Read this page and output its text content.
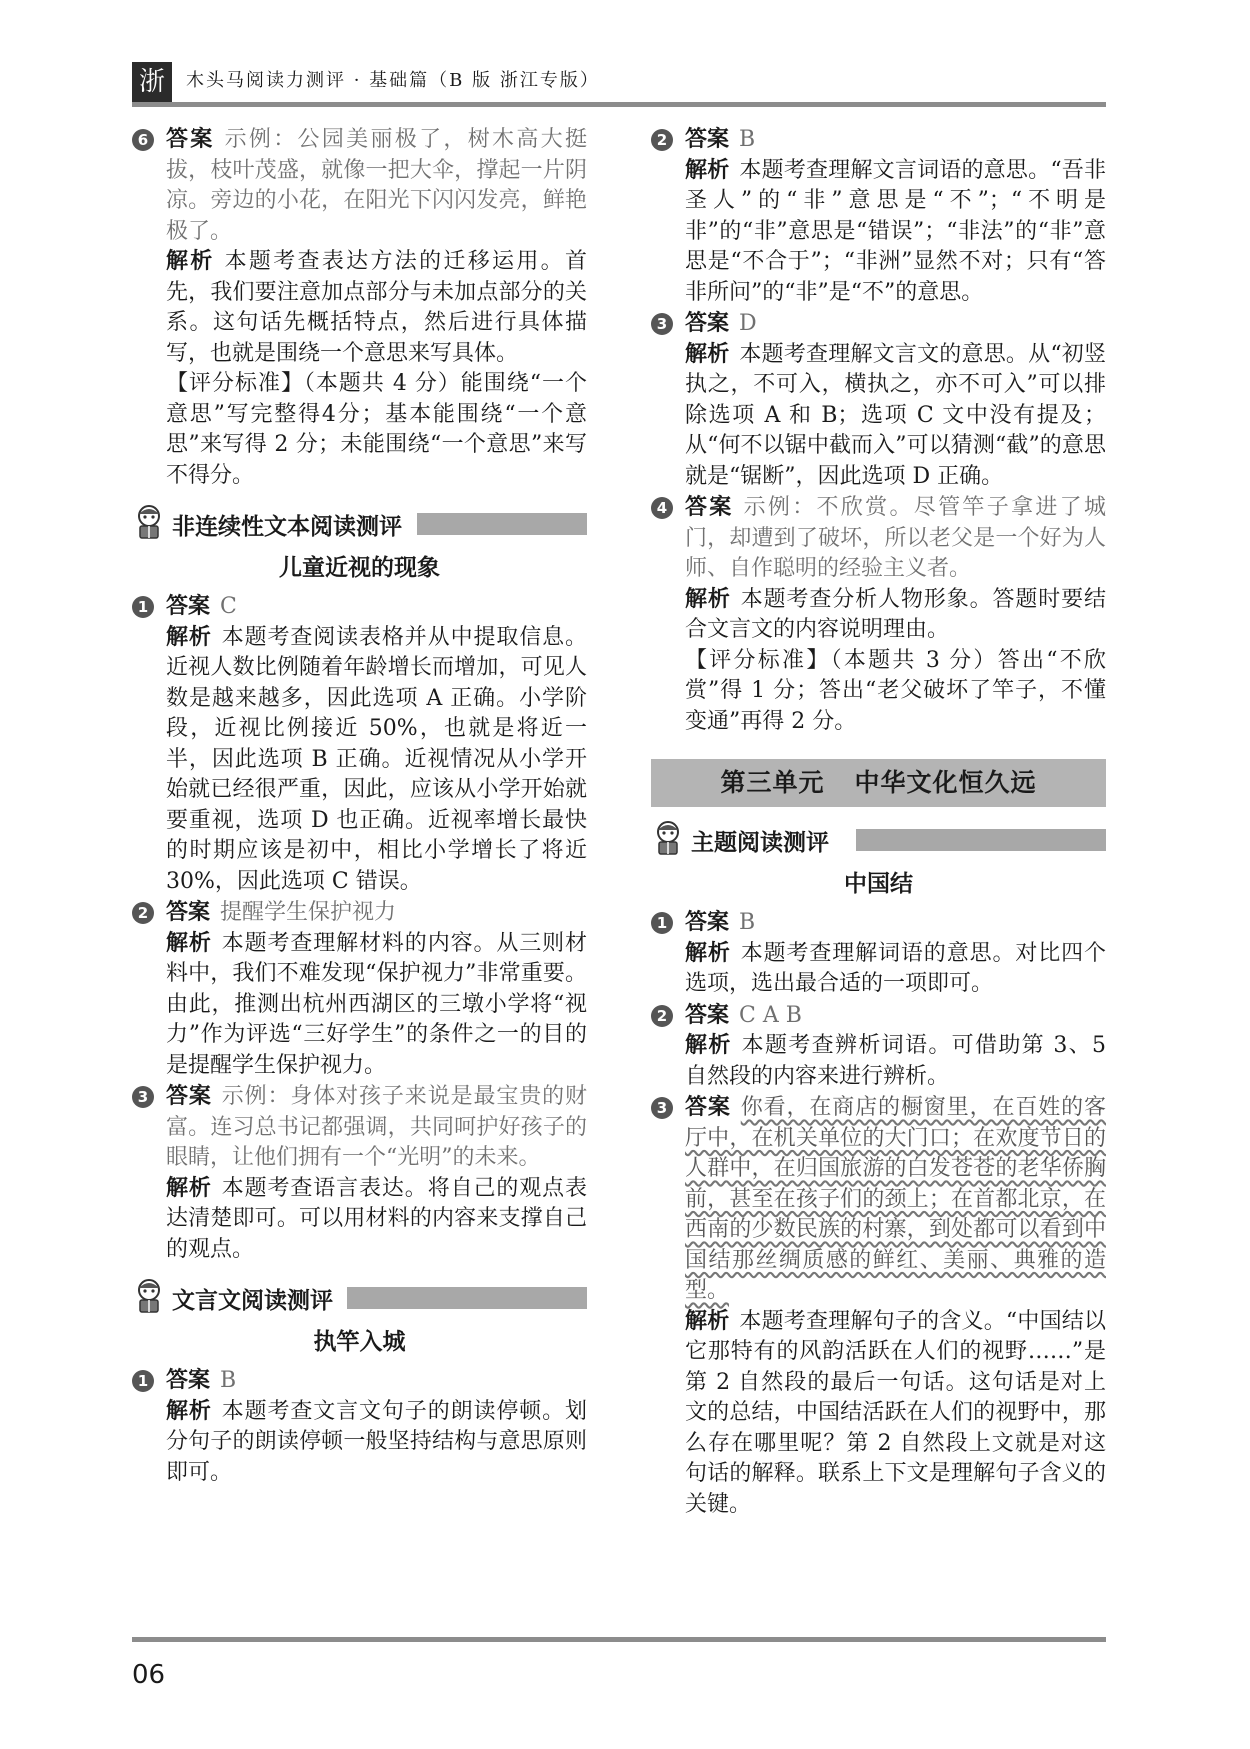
浙	木头马阅读力测评 · 基础篇（B 版 浙江专版）
6 答案 示例：公园美丽极了，树木高大挺拔，枝叶茂盛，就像一把大伞，撑起一片阴凉。旁边的小花，在阳光下闪闪发亮，鲜艳极了。
解析 本题考查表达方法的迁移运用。首先，我们要注意加点部分与未加点部分的关系。这句话先概括特点，然后进行具体描写，也就是围绕一个意思来写具体。
【评分标准】（本题共 4 分）能围绕“一个意思”写完整得4分；基本能围绕“一个意思”来写得 2 分；未能围绕“一个意思”来写不得分。
非连续性文本阅读测评
儿童近视的现象
1 答案 C
解析 本题考查阅读表格并从中提取信息。近视人数比例随着年龄增长而增加，可见人数是越来越多，因此选项 A 正确。小学阶段，近视比例接近 50%，也就是将近一半，因此选项 B 正确。近视情况从小学开始就已经很严重，因此，应该从小学开始就要重视，选项 D 也正确。近视率增长最快的时期应该是初中，相比小学增长了将近 30%，因此选项 C 错误。
2 答案 提醒学生保护视力
解析 本题考查理解材料的内容。从三则材料中，我们不难发现“保护视力”非常重要。由此，推测出杭州西湖区的三墩小学将“视力”作为评选“三好学生”的条件之一的目的是提醒学生保护视力。
3 答案 示例：身体对孩子来说是最宝贵的财富。连习总书记都强调，共同呵护好孩子的眼睛，让他们拥有一个“光明”的未来。
解析 本题考查语言表达。将自己的观点表达清楚即可。可以用材料的内容来支撑自己的观点。
文言文阅读测评
执竿入城
1 答案 B
解析 本题考查文言文句子的朗读停顿。划分句子的朗读停顿一般坚持结构与意思原则即可。
2 答案 B
解析 本题考查理解文言词语的意思。“吾非圣人”的“非”意思是“不”；“不明是非”的“非”意思是“错误”；“非法”的“非”意思是“不合于”；“非洲”显然不对；只有“答非所问”的“非”是“不”的意思。
3 答案 D
解析 本题考查理解文言文的意思。从“初竖执之，不可入，横执之，亦不可入”可以排除选项 A 和 B；选项 C 文中没有提及；从“何不以锯中截而入”可以猜测“截”的意思就是“锯断”，因此选项 D 正确。
4 答案 示例：不欣赏。尽管竿子拿进了城门，却遭到了破坏，所以老父是一个好为人师、自作聪明的经验主义者。
解析 本题考查分析人物形象。答题时要结合文言文的内容说明理由。
【评分标准】（本题共 3 分）答出“不欣赏”得 1 分；答出“老父破坏了竿子，不懂变通”再得 2 分。
第三单元 中华文化恒久远
主题阅读测评
中国结
1 答案 B
解析 本题考查理解词语的意思。对比四个选项，选出最合适的一项即可。
2 答案 C A B
解析 本题考查辨析词语。可借助第 3、5 自然段的内容来进行辨析。
3 答案 你看，在商店的橱窗里，在百姓的客厅中，在机关单位的大门口；在欢度节日的人群中，在归国旅游的白发苍苍的老华侨胸前，甚至在孩子们的颈上；在首都北京，在西南的少数民族的村寨，到处都可以看到中国结那丝绸质感的鲜红、美丽、典雅的造型。
解析 本题考查理解句子的含义。“中国结以它那特有的风韵活跃在人们的视野……”是第 2 自然段的最后一句话。这句话是对上文的总结，中国结活跃在人们的视野中，那么存在哪里呢？第 2 自然段上文就是对这句话的解释。联系上下文是理解句子含义的关键。
06
